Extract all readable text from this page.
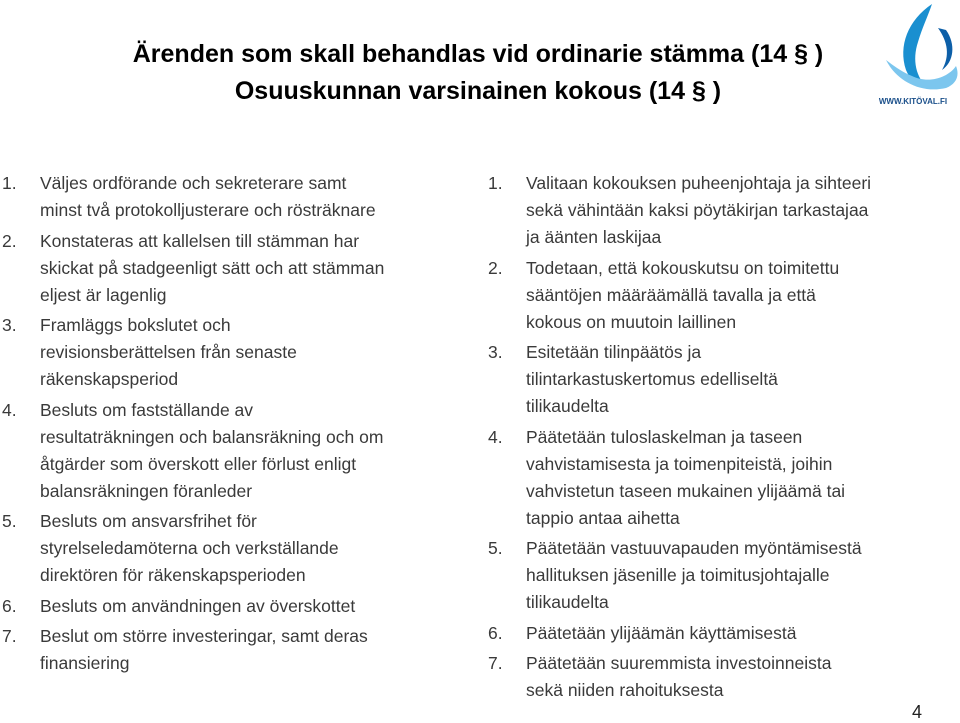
Ärenden som skall behandlas vid ordinarie stämma (14 § )
Osuuskunnan varsinainen kokous (14 § )	WWW.KITÖVAL.FI
1.	Väljes ordförande och sekreterare samt
minst två protokolljusterare och rösträknare
2.	Konstateras att kallelsen till stämman har
skickat på stadgeenligt sätt och att stämman
eljest är lagenlig
3.	Framläggs bokslutet och
revisionsberättelsen från senaste
räkenskapsperiod
4.	Besluts om fastställande av
resultaträkningen och balansräkning och om
åtgärder som överskott eller förlust enligt
balansräkningen föranleder
5.	Besluts om ansvarsfrihet för
styrelseledamöterna och verkställande
direktören för räkenskapsperioden
6.	Besluts om användningen av överskottet
7.	Beslut om större investeringar, samt deras
finansiering
1.	Valitaan kokouksen puheenjohtaja ja sihteeri
sekä vähintään kaksi pöytäkirjan tarkastajaa
ja äänten laskijaa
2.	Todetaan, että kokouskutsu on toimitettu
sääntöjen määräämällä tavalla ja että
kokous on muutoin laillinen
3.	Esitetään tilinpäätös ja
tilintarkastuskertomus edelliseltä
tilikaudelta
4.	Päätetään tuloslaskelman ja taseen
vahvistamisesta ja toimenpiteistä, joihin
vahvistetun taseen mukainen ylijäämä tai
tappio antaa aihetta
5.	Päätetään vastuuvapauden myöntämisestä
hallituksen jäsenille ja toimitusjohtajalle
tilikaudelta
6.	Päätetään ylijäämän käyttämisestä
7.	Päätetään suuremmista investoinneista
sekä niiden rahoituksesta
4
